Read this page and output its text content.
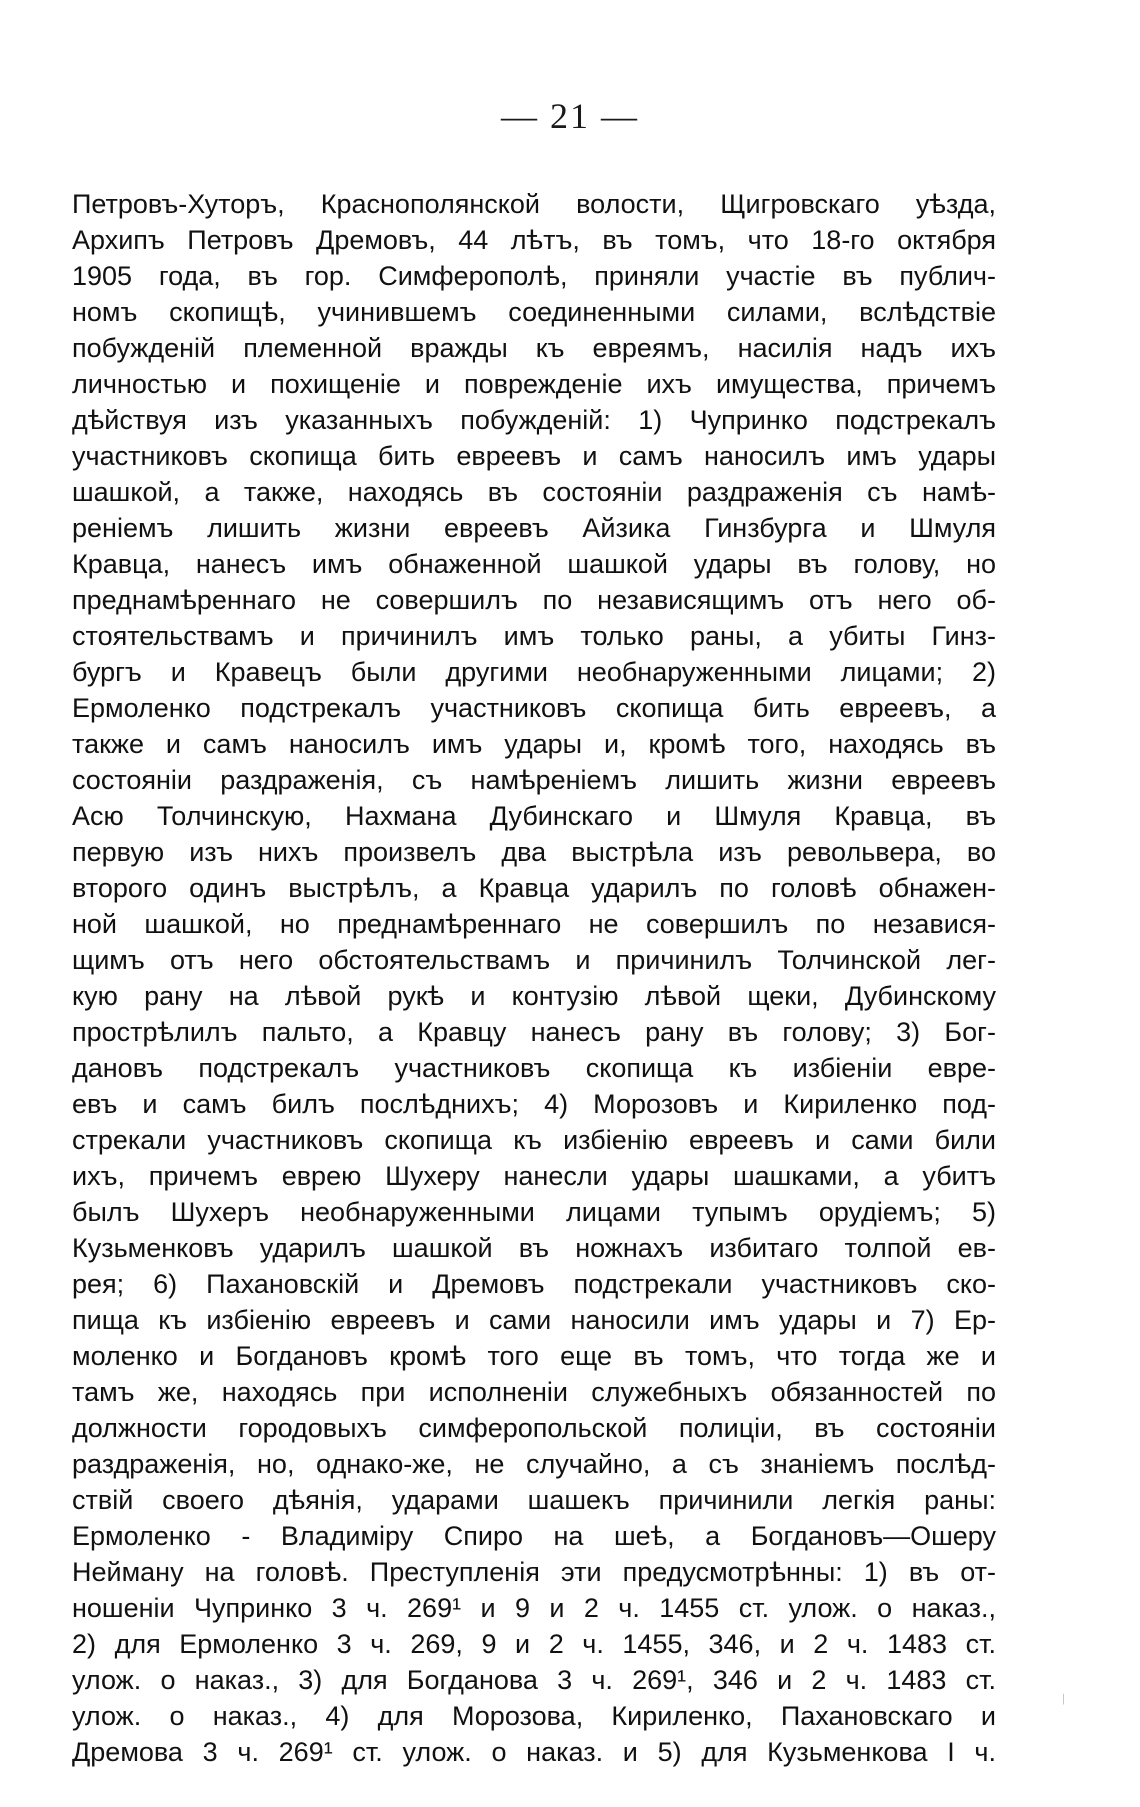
— 21 —
Петровъ-Хуторъ, Краснополянской волости, Щигровскаго уѣзда,
Архипъ Петровъ Дремовъ, 44 лѣтъ, въ томъ, что 18-го октября
1905 года, въ гор. Симферополѣ, приняли участіе въ публич-
номъ скопищѣ, учинившемъ соединенными силами, вслѣдствіе
побужденій племенной вражды къ евреямъ, насилія надъ ихъ
личностью и похищеніе и поврежденіе ихъ имущества, причемъ
дѣйствуя изъ указанныхъ побужденій: 1) Чупринко подстрекалъ
участниковъ скопища бить евреевъ и самъ наносилъ имъ удары
шашкой, а также, находясь въ состояніи раздраженія съ намѣ-
реніемъ лишить жизни евреевъ Айзика Гинзбурга и Шмуля
Кравца, нанесъ имъ обнаженной шашкой удары въ голову, но
преднамѣреннаго не совершилъ по независящимъ отъ него об-
стоятельствамъ и причинилъ имъ только раны, а убиты Гинз-
бургъ и Кравецъ были другими необнаруженными лицами; 2)
Ермоленко подстрекалъ участниковъ скопища бить евреевъ, а
также и самъ наносилъ имъ удары и, кромѣ того, находясь въ
состояніи раздраженія, съ намѣреніемъ лишить жизни евреевъ
Асю Толчинскую, Нахмана Дубинскаго и Шмуля Кравца, въ
первую изъ нихъ произвелъ два выстрѣла изъ револьвера, во
второго одинъ выстрѣлъ, а Кравца ударилъ по головѣ обнажен-
ной шашкой, но преднамѣреннаго не совершилъ по независя-
щимъ отъ него обстоятельствамъ и причинилъ Толчинской лег-
кую рану на лѣвой рукѣ и контузію лѣвой щеки, Дубинскому
прострѣлилъ пальто, а Кравцу нанесъ рану въ голову; 3) Бог-
дановъ подстрекалъ участниковъ скопища къ избіеніи евре-
евъ и самъ билъ послѣднихъ; 4) Морозовъ и Кириленко под-
стрекали участниковъ скопища къ избіенію евреевъ и сами били
ихъ, причемъ еврею Шухеру нанесли удары шашками, а убитъ
былъ Шухеръ необнаруженными лицами тупымъ орудіемъ; 5)
Кузьменковъ ударилъ шашкой въ ножнахъ избитаго толпой ев-
рея; 6) Пахановскій и Дремовъ подстрекали участниковъ ско-
пища къ избіенію евреевъ и сами наносили имъ удары и 7) Ер-
моленко и Богдановъ кромѣ того еще въ томъ, что тогда же и
тамъ же, находясь при исполненіи служебныхъ обязанностей по
должности городовыхъ симферопольской полиціи, въ состояніи
раздраженія, но, однако-же, не случайно, а съ знаніемъ послѣд-
ствій своего дѣянія, ударами шашекъ причинили легкія раны:
Ермоленко - Владиміру Спиро на шеѣ, а Богдановъ—Ошеру
Нейману на головѣ. Преступленія эти предусмотрѣнны: 1) въ от-
ношеніи Чупринко 3 ч. 269¹ и 9 и 2 ч. 1455 ст. улож. о наказ.,
2) для Ермоленко 3 ч. 269, 9 и 2 ч. 1455, 346, и 2 ч. 1483 ст.
улож. о наказ., 3) для Богданова 3 ч. 269¹, 346 и 2 ч. 1483 ст.
улож. о наказ., 4) для Морозова, Кириленко, Пахановскаго и
Дремова 3 ч. 269¹ ст. улож. о наказ. и 5) для Кузьменкова I ч.
⁄
